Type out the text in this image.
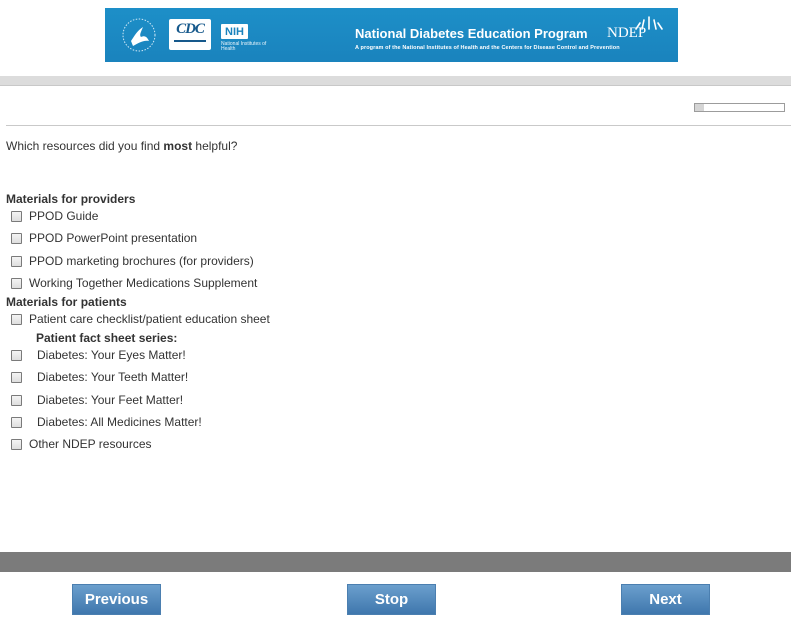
CDC	NIH
National Institutes of Health
National Diabetes Education Program
A program of the National Institutes of Health and the Centers for Disease Control and Prevention
NDEP
Which resources did you find most helpful?
Materials for providers
PPOD Guide
PPOD PowerPoint presentation
PPOD marketing brochures (for providers)
Working Together Medications Supplement
Materials for patients
Patient care checklist/patient education sheet
Patient fact sheet series:
Diabetes: Your Eyes Matter!
Diabetes: Your Teeth Matter!
Diabetes: Your Feet Matter!
Diabetes: All Medicines Matter!
Other NDEP resources
Previous	Stop	Next
